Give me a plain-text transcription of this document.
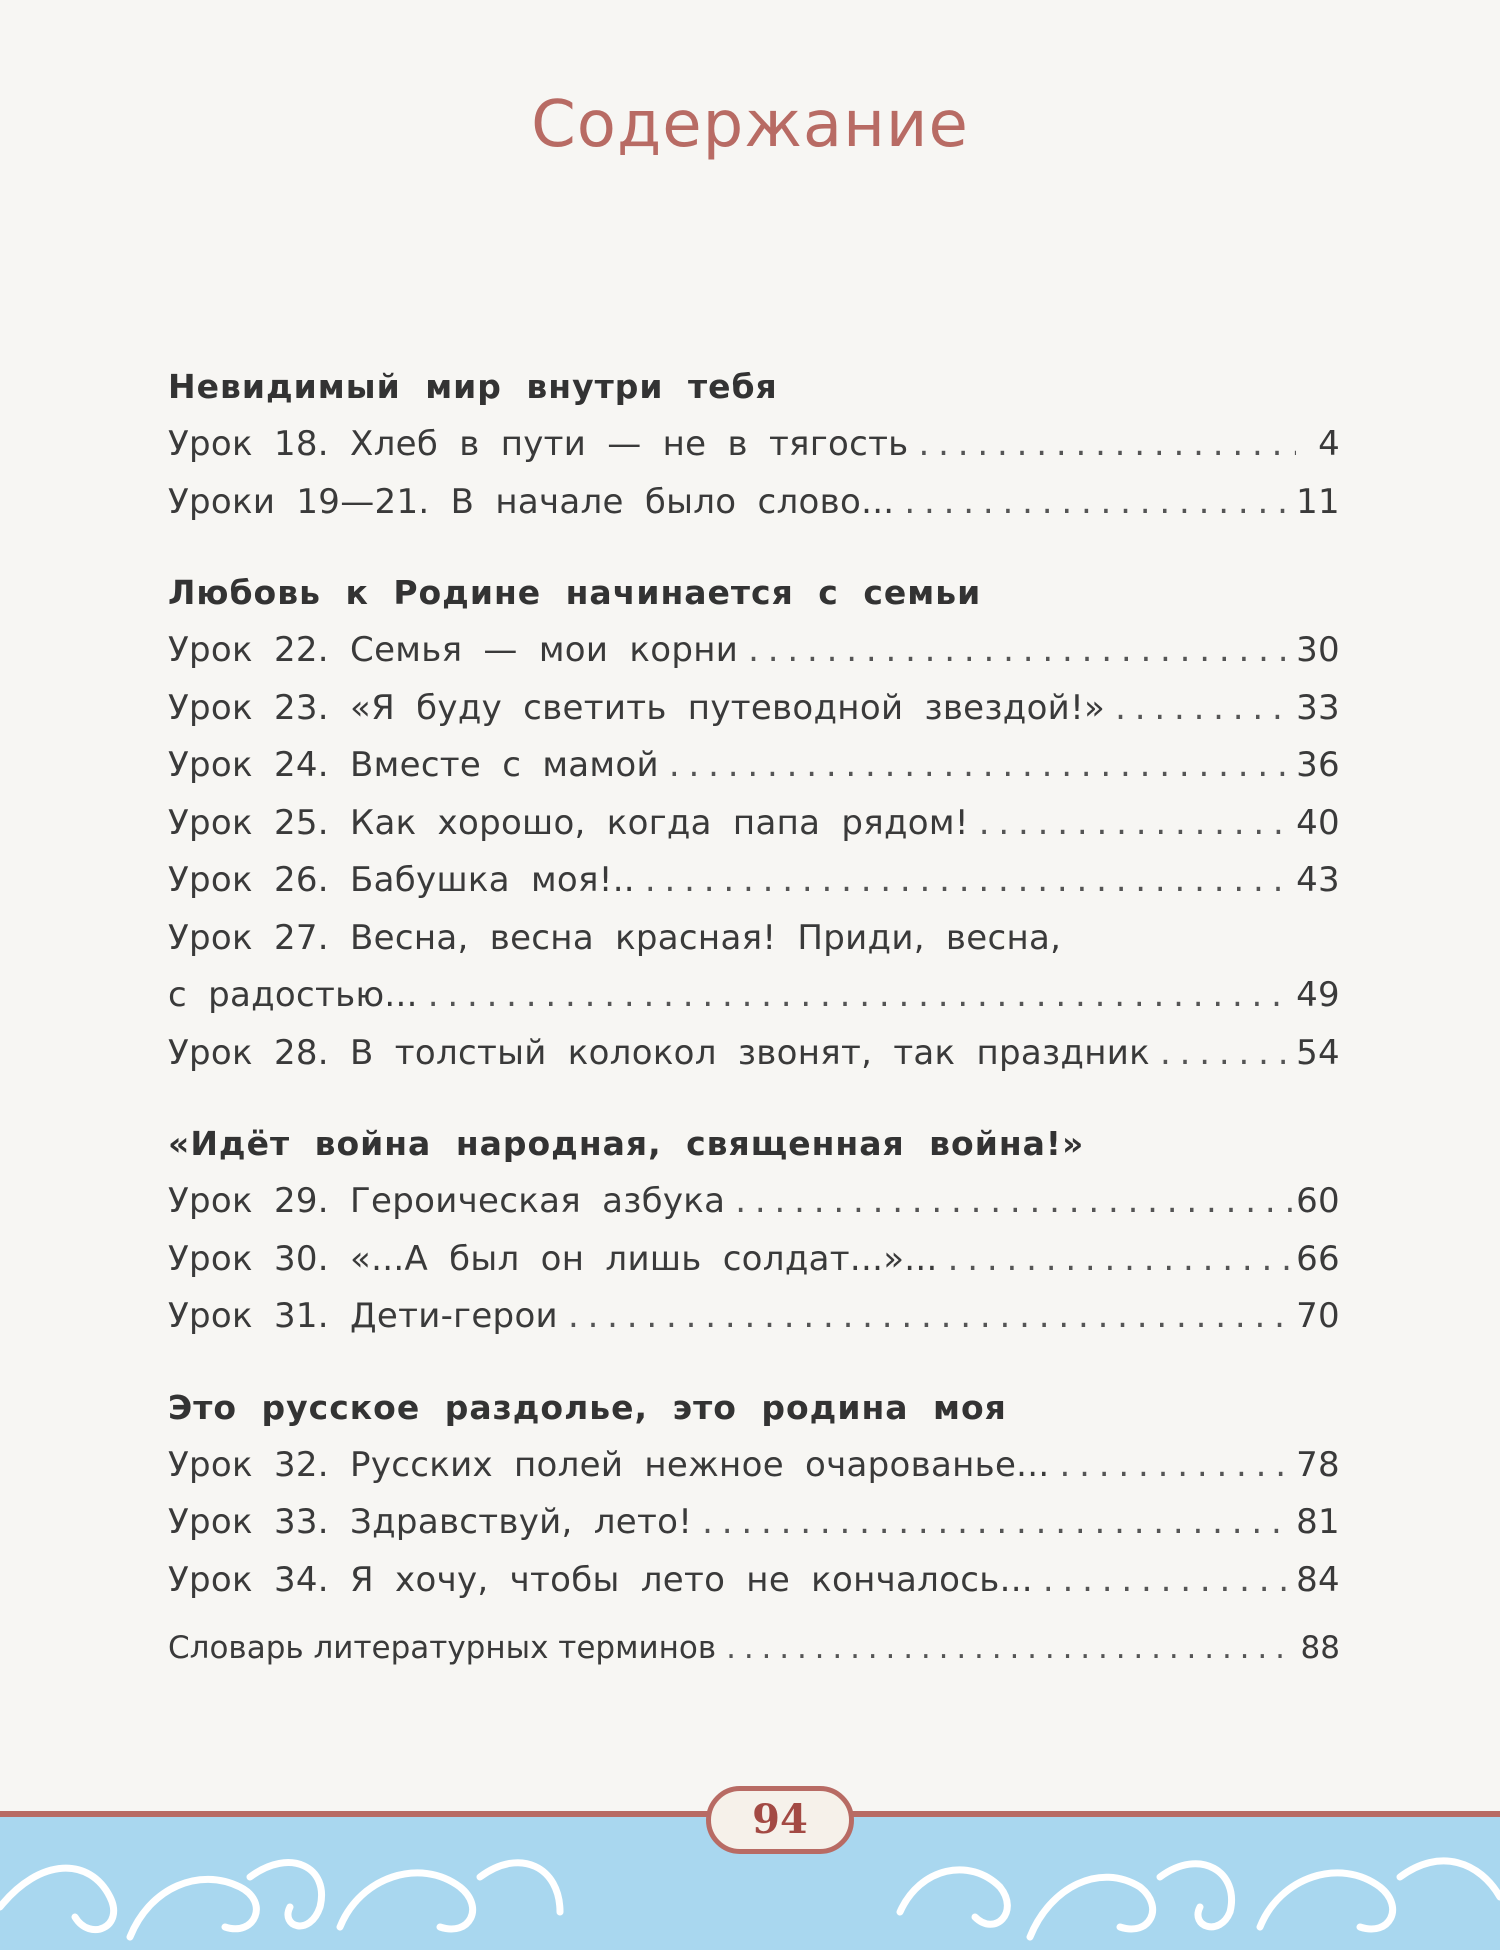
Содержание
Невидимый мир внутри тебя
Урок 18. Хлеб в пути — не в тягость . . .	4
Уроки 19—21. В начале было слово... . . .	11
Любовь к Родине начинается с семьи
Урок 22. Семья — мои корни . . .	30
Урок 23. «Я буду светить путеводной звездой!» . . .	33
Урок 24. Вместе с мамой . . .	36
Урок 25. Как хорошо, когда папа рядом! . . .	40
Урок 26. Бабушка моя!.. . . .	43
Урок 27. Весна, весна красная! Приди, весна,
с радостью... . . .	49
Урок 28. В толстый колокол звонят, так праздник . . .	54
«Идёт война народная, священная война!»
Урок 29. Героическая азбука . . .	60
Урок 30. «...А был он лишь солдат...»... . . .	66
Урок 31. Дети-герои . . .	70
Это русское раздолье, это родина моя
Урок 32. Русских полей нежное очарованье... . . .	78
Урок 33. Здравствуй, лето! . . .	81
Урок 34. Я хочу, чтобы лето не кончалось... . . .	84
Словарь литературных терминов . . .	88
94
